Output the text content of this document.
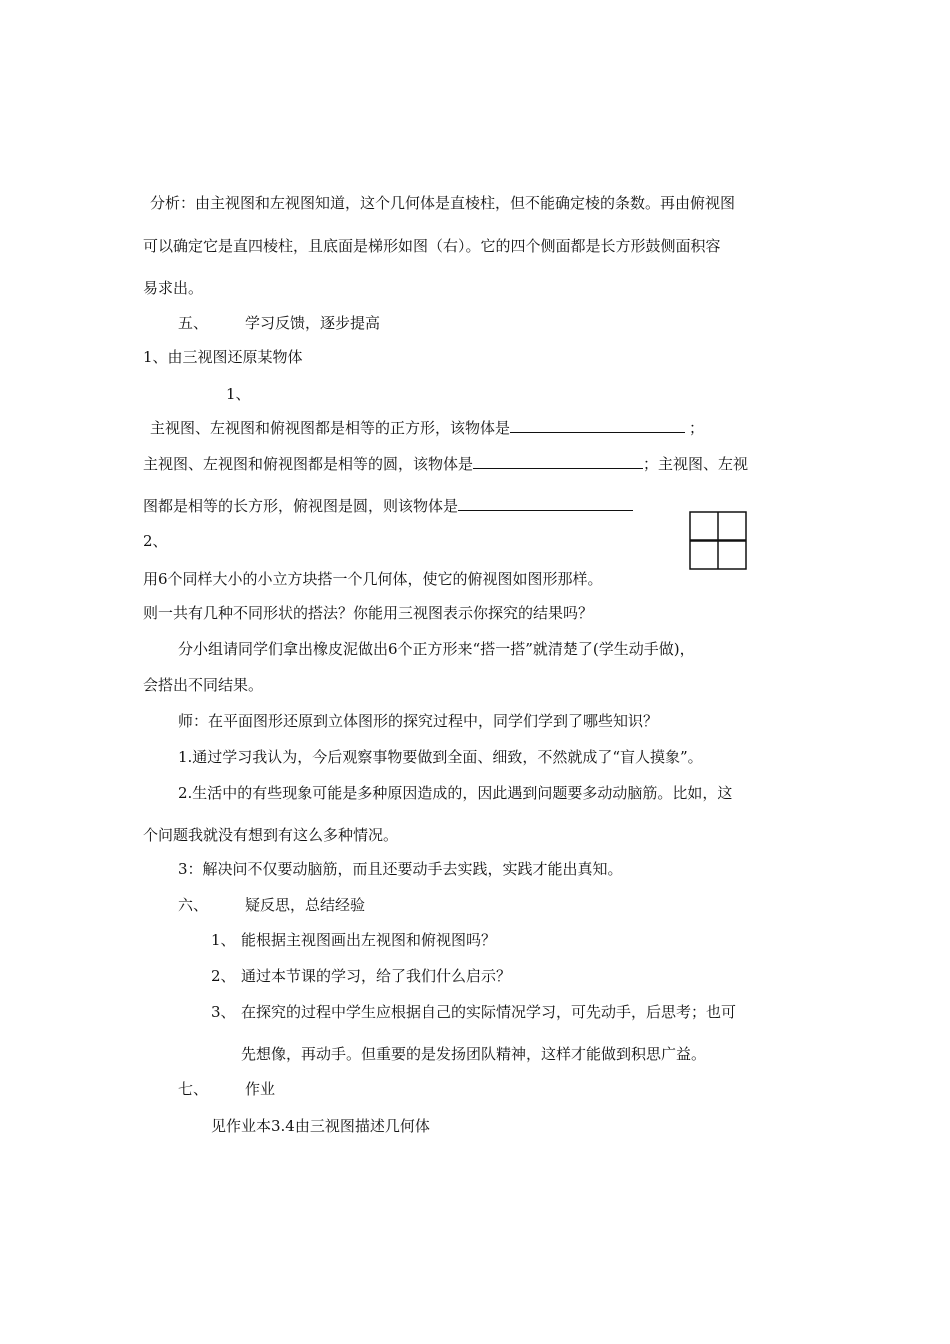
分析：由主视图和左视图知道，这个几何体是直棱柱，但不能确定棱的条数。再由俯视图
可以确定它是直四棱柱，且底面是梯形如图（右）。它的四个侧面都是长方形鼓侧面积容
易求出。
五、 学习反馈，逐步提高
1、由三视图还原某物体
1、
主视图、左视图和俯视图都是相等的正方形，该物体是	；
主视图、左视图和俯视图都是相等的圆，该物体是	；主视图、左视
图都是相等的长方形，俯视图是圆，则该物体是
2、
用6个同样大小的小立方块搭一个几何体，使它的俯视图如图形那样。
则一共有几种不同形状的搭法？你能用三视图表示你探究的结果吗？
分小组请同学们拿出橡皮泥做出6个正方形来“搭一搭”就清楚了(学生动手做)，
会搭出不同结果。
师：在平面图形还原到立体图形的探究过程中，同学们学到了哪些知识？
1.通过学习我认为，今后观察事物要做到全面、细致，不然就成了“盲人摸象”。
2.生活中的有些现象可能是多种原因造成的，因此遇到问题要多动动脑筋。比如，这
个问题我就没有想到有这么多种情况。
3：解决问不仅要动脑筋，而且还要动手去实践，实践才能出真知。
六、 疑反思，总结经验
1、 能根据主视图画出左视图和俯视图吗？
2、 通过本节课的学习，给了我们什么启示？
3、 在探究的过程中学生应根据自己的实际情况学习，可先动手，后思考；也可
先想像，再动手。但重要的是发扬团队精神，这样才能做到积思广益。
七、 作业
见作业本3.4由三视图描述几何体
